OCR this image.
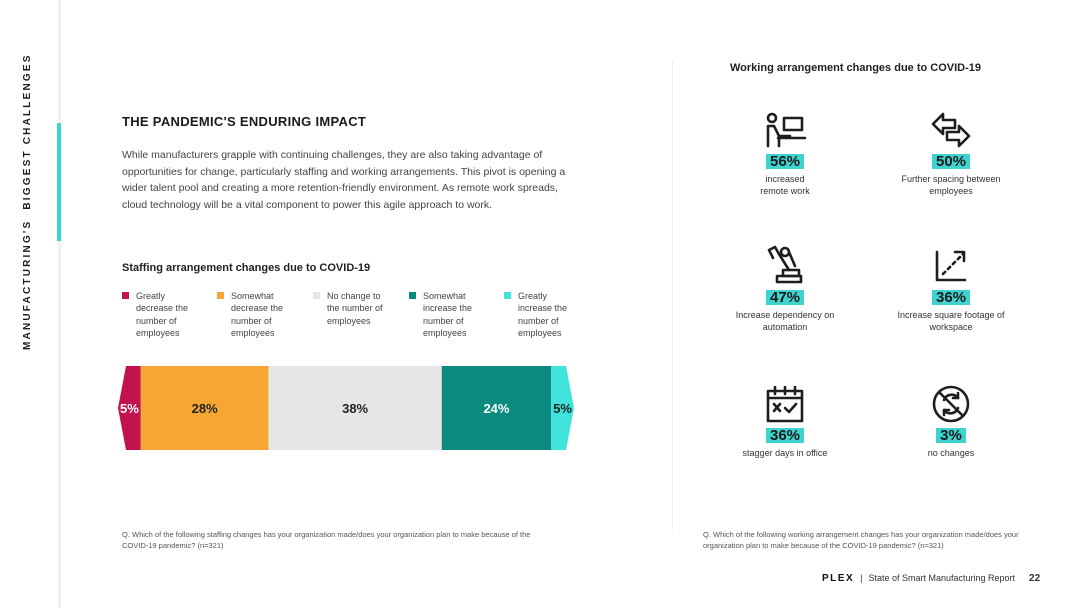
MANUFACTURING'S  BIGGEST CHALLENGES	THE PANDEMIC'S ENDURING IMPACT
While manufacturers grapple with continuing challenges, they are also taking advantage of opportunities for change, particularly staffing and working arrangements. This pivot is opening a wider talent pool and creating a more retention-friendly environment. As remote work spreads, cloud technology will be a vital component to power this agile approach to work.
Staffing arrangement changes due to COVID-19
Greatly decrease the number of employees
Somewhat decrease the number of employees
No change to the number of employees
Somewhat increase the number of employees
Greatly increase the number of employees
5%	28%	38%	24%	5%
Q. Which of the following staffing changes has your organization made/does your organization plan to make because of the COVID-19 pandemic? (n=321)
Working arrangement changes due to COVID-19
56%
increased remote work
50%
Further spacing between employees
47%
Increase dependency on automation
36%
Increase square footage of workspace
36%
stagger days in office
3%
no changes
Q. Which of the following working arrangement changes has your organization made/does your organization plan to make because of the COVID-19 pandemic? (n=321)
PLEX | State of Smart Manufacturing Report 22
